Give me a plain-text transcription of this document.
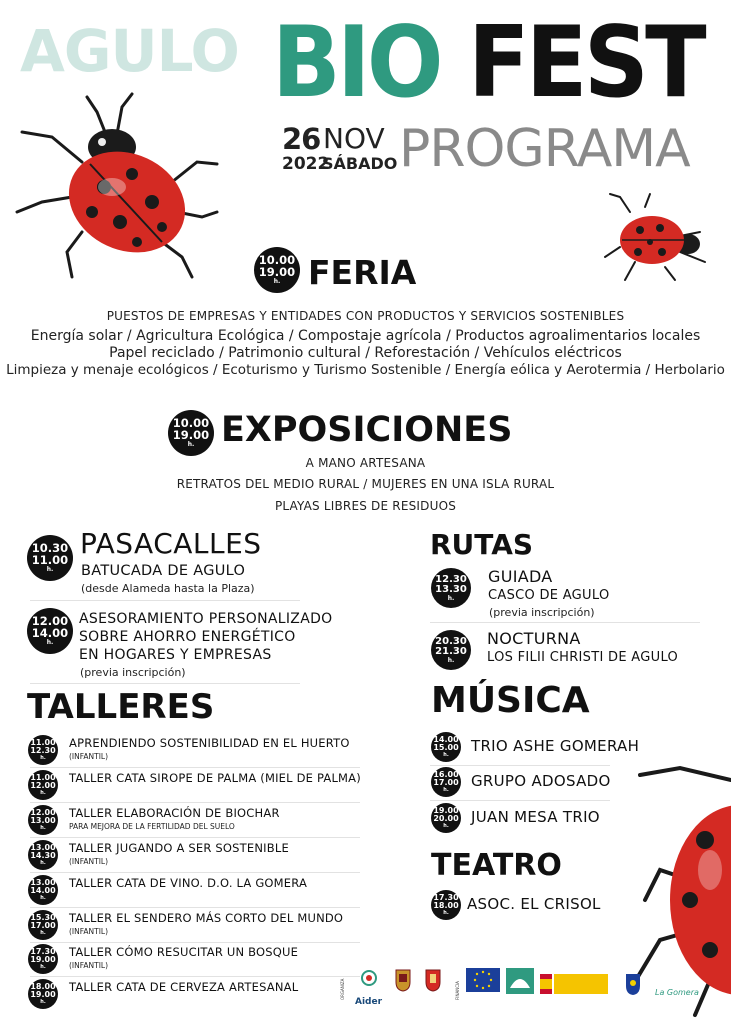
AGULO BIO FEST
26 NOV
2022
SÁBADO PROGRAMA
10.00
19.00
h. FERIA
PUESTOS DE EMPRESAS Y ENTIDADES CON PRODUCTOS Y SERVICIOS SOSTENIBLES
Energía solar / Agricultura Ecológica / Compostaje agrícola / Productos agroalimentarios locales
Papel reciclado / Patrimonio cultural / Reforestación / Vehículos eléctricos
Limpieza y menaje ecológicos / Ecoturismo y Turismo Sostenible / Energía eólica y Aerotermia / Herbolario
10.00
19.00
h. EXPOSICIONES
A MANO ARTESANA
RETRATOS DEL MEDIO RURAL / MUJERES EN UNA ISLA RURAL
PLAYAS LIBRES DE RESIDUOS
10.30
11.00
h.
PASACALLES
BATUCADA DE AGULO
(desde Alameda hasta la Plaza)
12.00
14.00
h.
ASESORAMIENTO PERSONALIZADO
SOBRE AHORRO ENERGÉTICO
EN HOGARES Y EMPRESAS
(previa inscripción)
RUTAS
12.30
13.30
h.
GUIADA
CASCO DE AGULO
(previa inscripción)
20.30
21.30
h.
NOCTURNA
LOS FILII CHRISTI DE AGULO
TALLERES
11.00
12.30
h.
APRENDIENDO SOSTENIBILIDAD EN EL HUERTO
(INFANTIL)
11.00
12.00
h.
TALLER CATA SIROPE DE PALMA (MIEL DE PALMA)
12.00
13.00
h.
TALLER ELABORACIÓN DE BIOCHAR
PARA MEJORA DE LA FERTILIDAD DEL SUELO
13.00
14.30
h.
TALLER JUGANDO A SER SOSTENIBLE
(INFANTIL)
13.00
14.00
h.
TALLER CATA DE VINO. D.O. LA GOMERA
15.30
17.00
h.
TALLER EL SENDERO MÁS CORTO DEL MUNDO
(INFANTIL)
17.30
19.00
h.
TALLER CÓMO RESUCITAR UN BOSQUE
(INFANTIL)
18.00
19.00
h.
TALLER CATA DE CERVEZA ARTESANAL
MÚSICA
14.00
15.00
h. TRIO ASHE GOMERAH
16.00
17.00
h. GRUPO ADOSADO
19.00
20.00
h. JUAN MESA TRIO
TEATRO
17.30
18.00
h. ASOC. EL CRISOL
ORGANIZA
Aider
FINANCIA	La Gomera
